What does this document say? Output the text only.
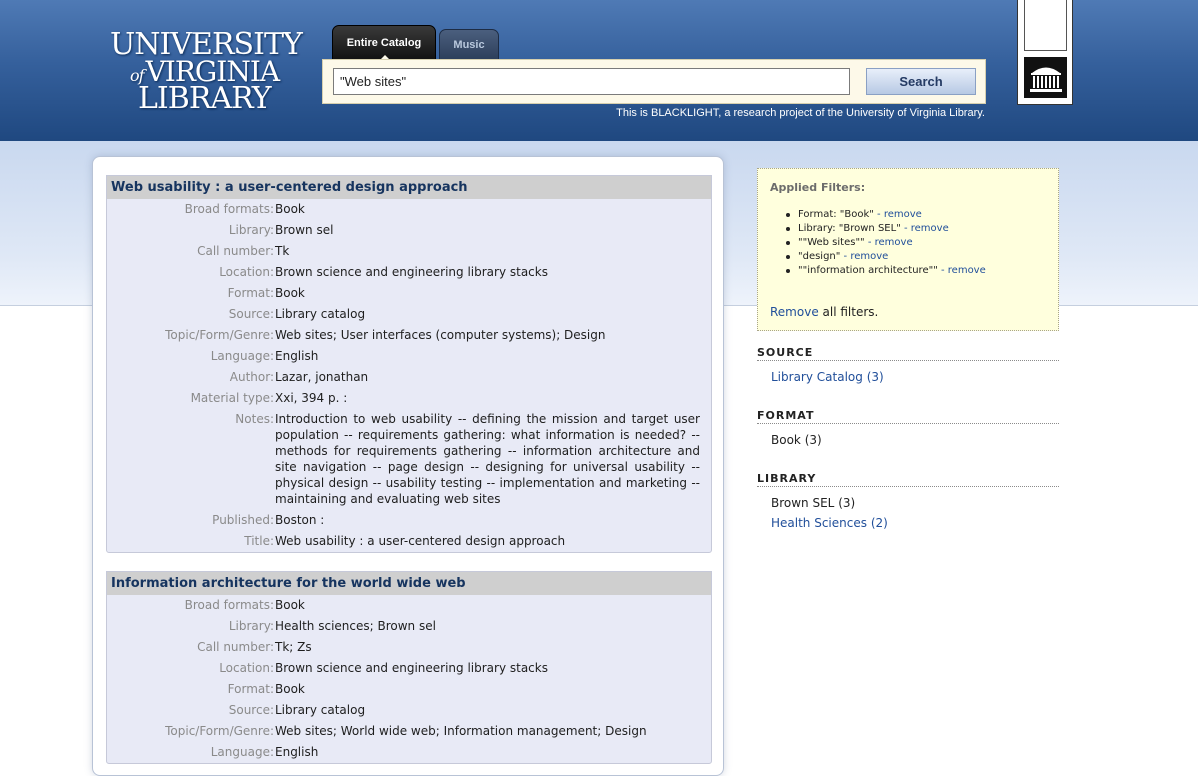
UNIVERSITY
ofVIRGINIA
LIBRARY
Entire Catalog	Music
"Web sites"
Search
This is BLACKLIGHT, a research project of the University of Virginia Library.
Web usability : a user-centered design approach
Broad formats: Book
Library: Brown sel
Call number: Tk
Location: Brown science and engineering library stacks
Format: Book
Source: Library catalog
Topic/Form/Genre: Web sites; User interfaces (computer systems); Design
Language: English
Author: Lazar, jonathan
Material type: Xxi, 394 p. :
Notes: Introduction to web usability -- defining the mission and target user population -- requirements gathering: what information is needed? -- methods for requirements gathering -- information architecture and site navigation -- page design -- designing for universal usability -- physical design -- usability testing -- implementation and marketing -- maintaining and evaluating web sites
Published: Boston :
Title: Web usability : a user-centered design approach
Information architecture for the world wide web
Broad formats: Book
Library: Health sciences; Brown sel
Call number: Tk; Zs
Location: Brown science and engineering library stacks
Format: Book
Source: Library catalog
Topic/Form/Genre: Web sites; World wide web; Information management; Design
Language: English
Applied Filters:
Format: "Book" - remove
Library: "Brown SEL" - remove
""Web sites"" - remove
"design" - remove
""information architecture"" - remove
Remove all filters.
SOURCE
Library Catalog (3)
FORMAT
Book (3)
LIBRARY
Brown SEL (3)
Health Sciences (2)
